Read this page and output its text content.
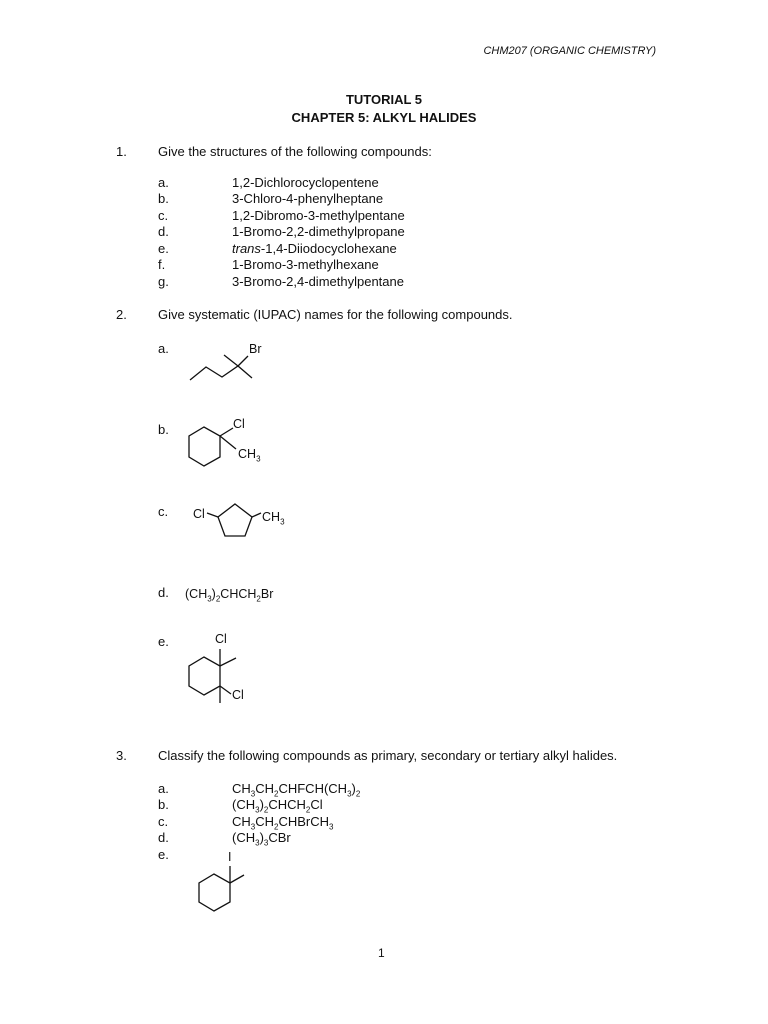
CHM207 (ORGANIC CHEMISTRY)
TUTORIAL 5
CHAPTER 5: ALKYL HALIDES
1. Give the structures of the following compounds:
a.	1,2-Dichlorocyclopentene
b.	3-Chloro-4-phenylheptane
c.	1,2-Dibromo-3-methylpentane
d.	1-Bromo-2,2-dimethylpropane
e.	trans-1,4-Diiodocyclohexane
f.	1-Bromo-3-methylhexane
g.	3-Bromo-2,4-dimethylpentane
2. Give systematic (IUPAC) names for the following compounds.
a.	Br
b.	Cl
$CH_3$
c. Cl	$CH_3$
d. $(CH_3)_2CHCH_2Br$
e.	Cl
Cl
3. Classify the following compounds as primary, secondary or tertiary alkyl halides.
a.	$CH_3CH_2CHFCH(CH_3)_2$
b.	$(CH_3)_2CHCH_2Cl$
c.	$CH_3CH_2CHBrCH_3$
d.	$(CH_3)_3CBr$
e.	I
1
